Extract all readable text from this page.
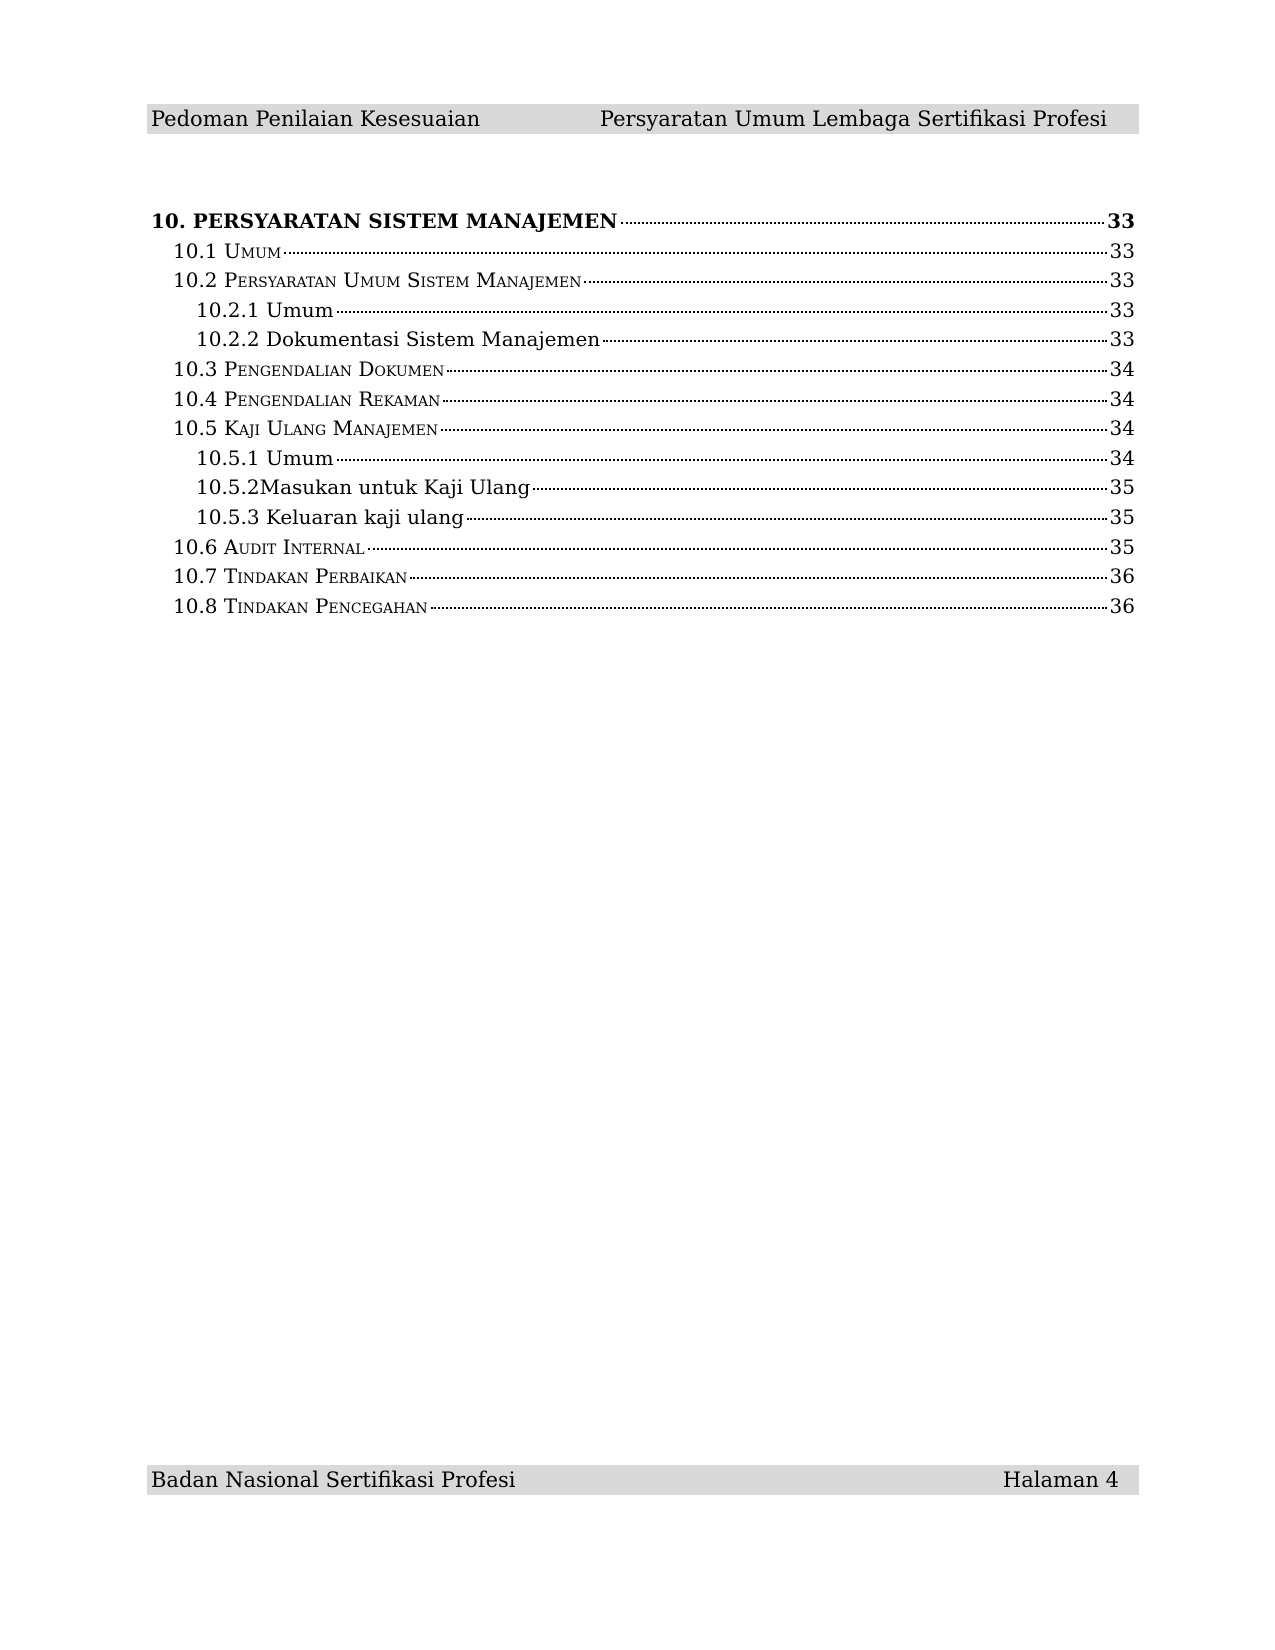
Pedoman Penilaian Kesesuaian	Persyaratan Umum Lembaga Sertifikasi Profesi
10. PERSYARATAN SISTEM MANAJEMEN	33
10.1 Umum	33
10.2 Persyaratan Umum Sistem Manajemen	33
10.2.1 Umum	33
10.2.2 Dokumentasi Sistem Manajemen	33
10.3 Pengendalian Dokumen	34
10.4 Pengendalian Rekaman	34
10.5 Kaji Ulang Manajemen	34
10.5.1 Umum	34
10.5.2Masukan untuk Kaji Ulang	35
10.5.3 Keluaran kaji ulang	35
10.6 Audit Internal	35
10.7 Tindakan Perbaikan	36
10.8 Tindakan Pencegahan	36
Badan Nasional Sertifikasi Profesi	Halaman 4
